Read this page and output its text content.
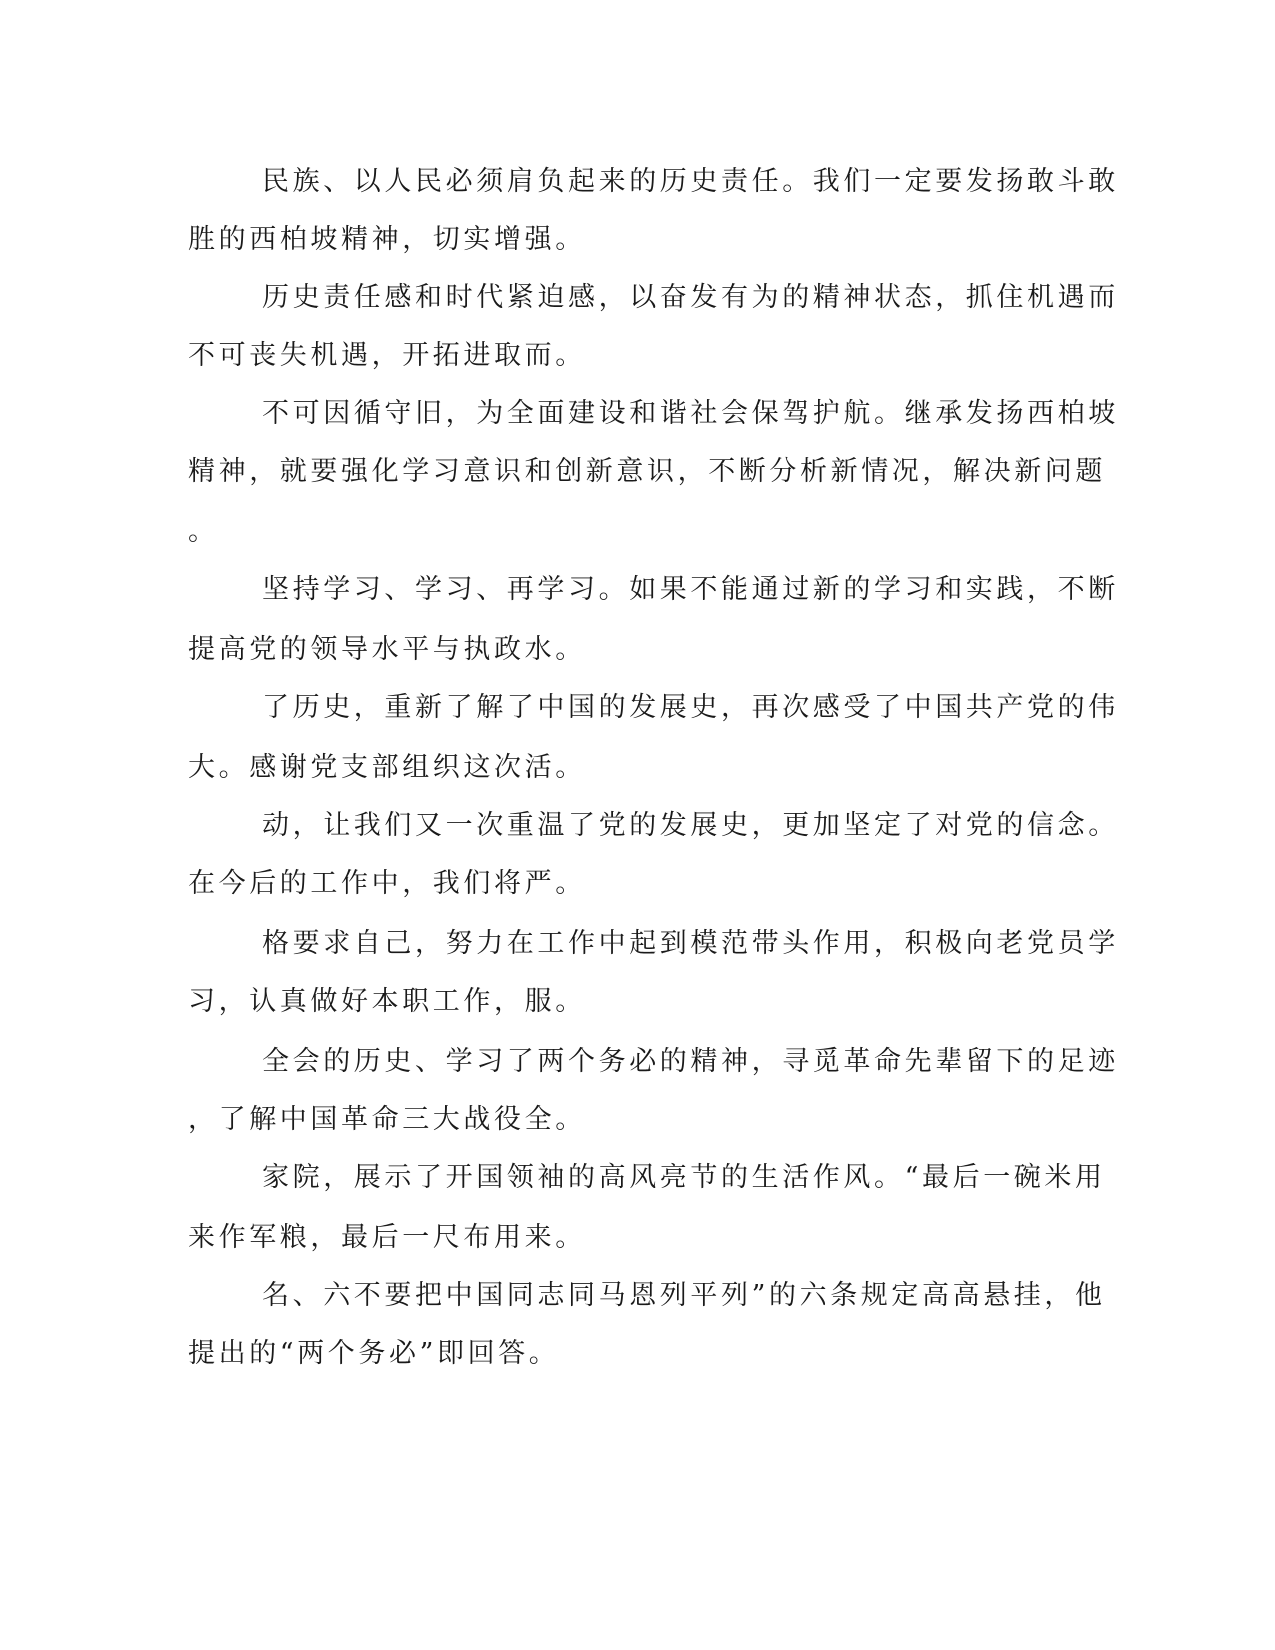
民族、以人民必须肩负起来的历史责任。我们一定要发扬敢斗敢

胜的西柏坡精神，切实增强。

历史责任感和时代紧迫感，以奋发有为的精神状态，抓住机遇而

不可丧失机遇，开拓进取而。

不可因循守旧，为全面建设和谐社会保驾护航。继承发扬西柏坡

精神，就要强化学习意识和创新意识，不断分析新情况，解决新问题

。

坚持学习、学习、再学习。如果不能通过新的学习和实践，不断

提高党的领导水平与执政水。

了历史，重新了解了中国的发展史，再次感受了中国共产党的伟

大。感谢党支部组织这次活。

动，让我们又一次重温了党的发展史，更加坚定了对党的信念。

在今后的工作中，我们将严。

格要求自己，努力在工作中起到模范带头作用，积极向老党员学

习，认真做好本职工作，服。

全会的历史、学习了两个务必的精神，寻觅革命先辈留下的足迹

，了解中国革命三大战役全。

家院，展示了开国领袖的高风亮节的生活作风。“最后一碗米用

来作军粮，最后一尺布用来。

名、六不要把中国同志同马恩列平列”的六条规定高高悬挂，他

提出的“两个务必”即回答。
